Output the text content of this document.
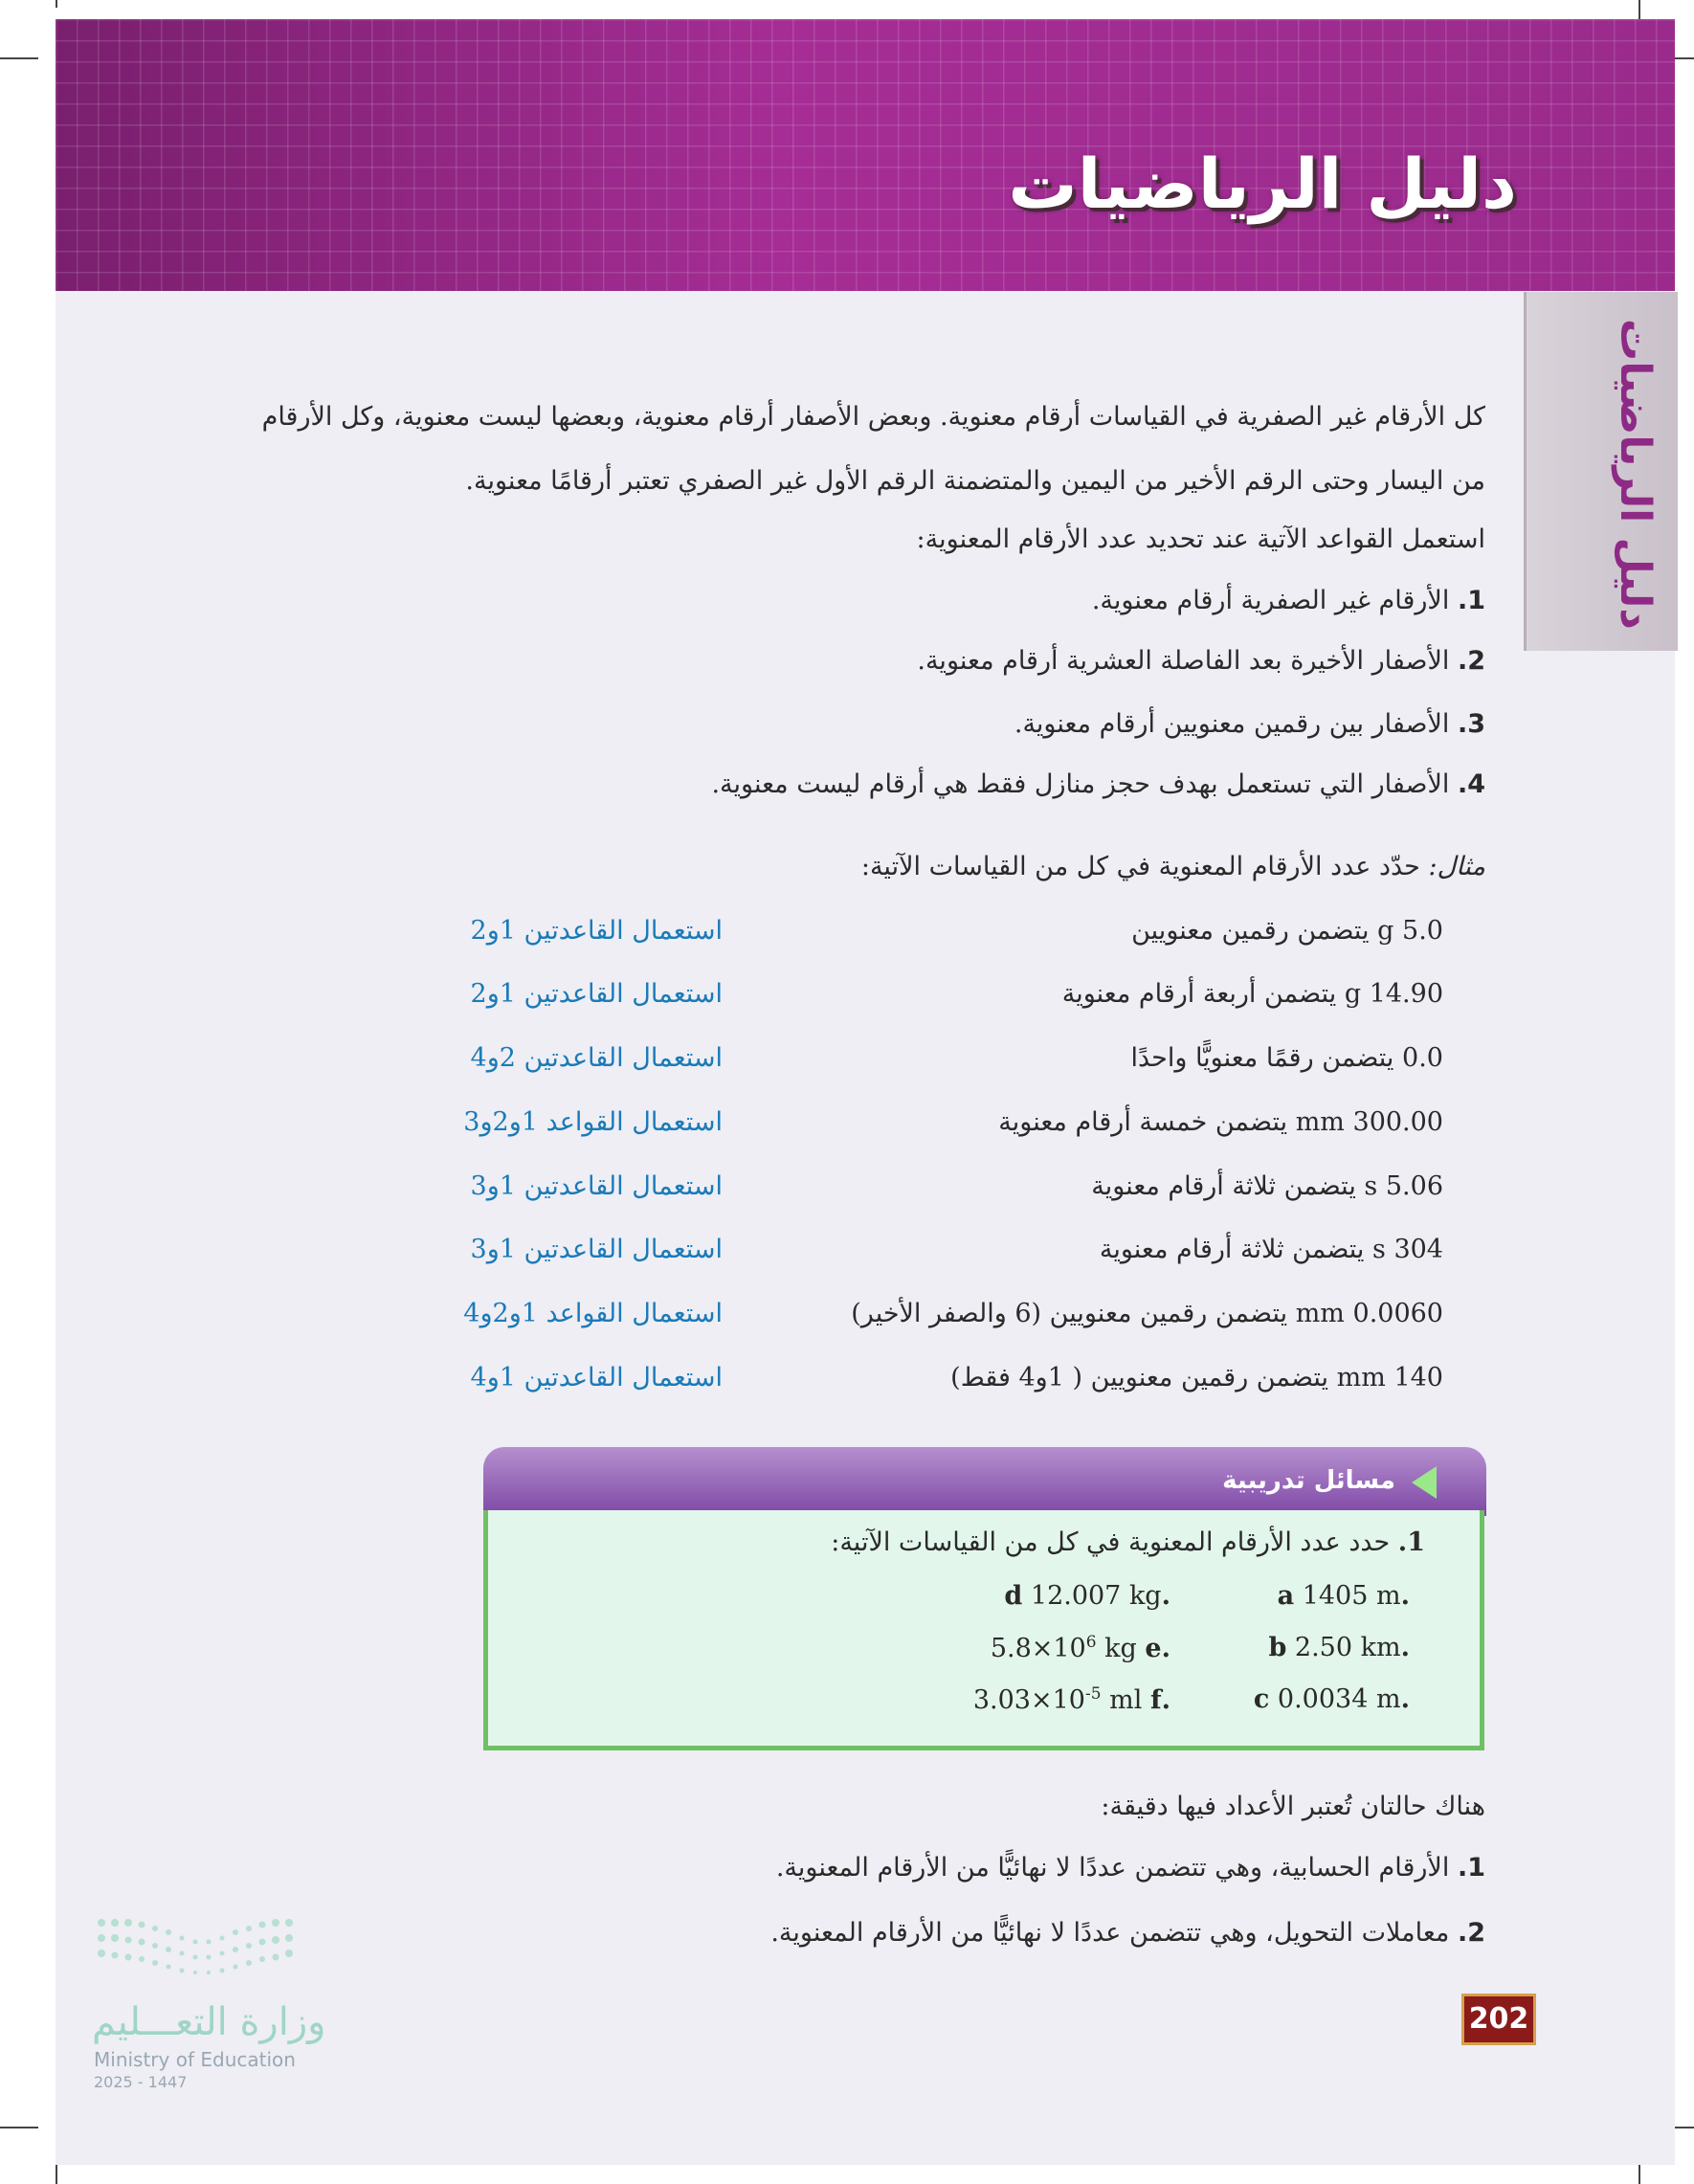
دليل الرياضيات
دليل الرياضيات
كل الأرقام غير الصفرية في القياسات أرقام معنوية. وبعض الأصفار أرقام معنوية، وبعضها ليست معنوية، وكل الأرقام
من اليسار وحتى الرقم الأخير من اليمين والمتضمنة الرقم الأول غير الصفري تعتبر أرقامًا معنوية.
استعمل القواعد الآتية عند تحديد عدد الأرقام المعنوية:
1. الأرقام غير الصفرية أرقام معنوية.
2. الأصفار الأخيرة بعد الفاصلة العشرية أرقام معنوية.
3. الأصفار بين رقمين معنويين أرقام معنوية.
4. الأصفار التي تستعمل بهدف حجز منازل فقط هي أرقام ليست معنوية.
مثال: حدّد عدد الأرقام المعنوية في كل من القياسات الآتية:
5.0 g يتضمن رقمين معنويين
استعمال القاعدتين 1و2
14.90 g يتضمن أربعة أرقام معنوية
استعمال القاعدتين 1و2
0.0 يتضمن رقمًا معنويًّا واحدًا
استعمال القاعدتين 2و4
300.00 mm يتضمن خمسة أرقام معنوية
استعمال القواعد 1و2و3
5.06 s يتضمن ثلاثة أرقام معنوية
استعمال القاعدتين 1و3
304 s يتضمن ثلاثة أرقام معنوية
استعمال القاعدتين 1و3
0.0060 mm يتضمن رقمين معنويين (6 والصفر الأخير)
استعمال القواعد 1و2و4
140 mm يتضمن رقمين معنويين ( 1و4 فقط)
استعمال القاعدتين 1و4
مسائل تدريبية
1. حدد عدد الأرقام المعنوية في كل من القياسات الآتية:
.a 1405 m
.b 2.50 km
.c 0.0034 m
.d 12.007 kg
.e $5.8\times 10^6$ kg
.f $3.03\times 10^{-5}$ ml
هناك حالتان تُعتبر الأعداد فيها دقيقة:
1. الأرقام الحسابية، وهي تتضمن عددًا لا نهائيًّا من الأرقام المعنوية.
2. معاملات التحويل، وهي تتضمن عددًا لا نهائيًّا من الأرقام المعنوية.
وزارة التعـــليم
Ministry of Education
2025 - 1447
202
